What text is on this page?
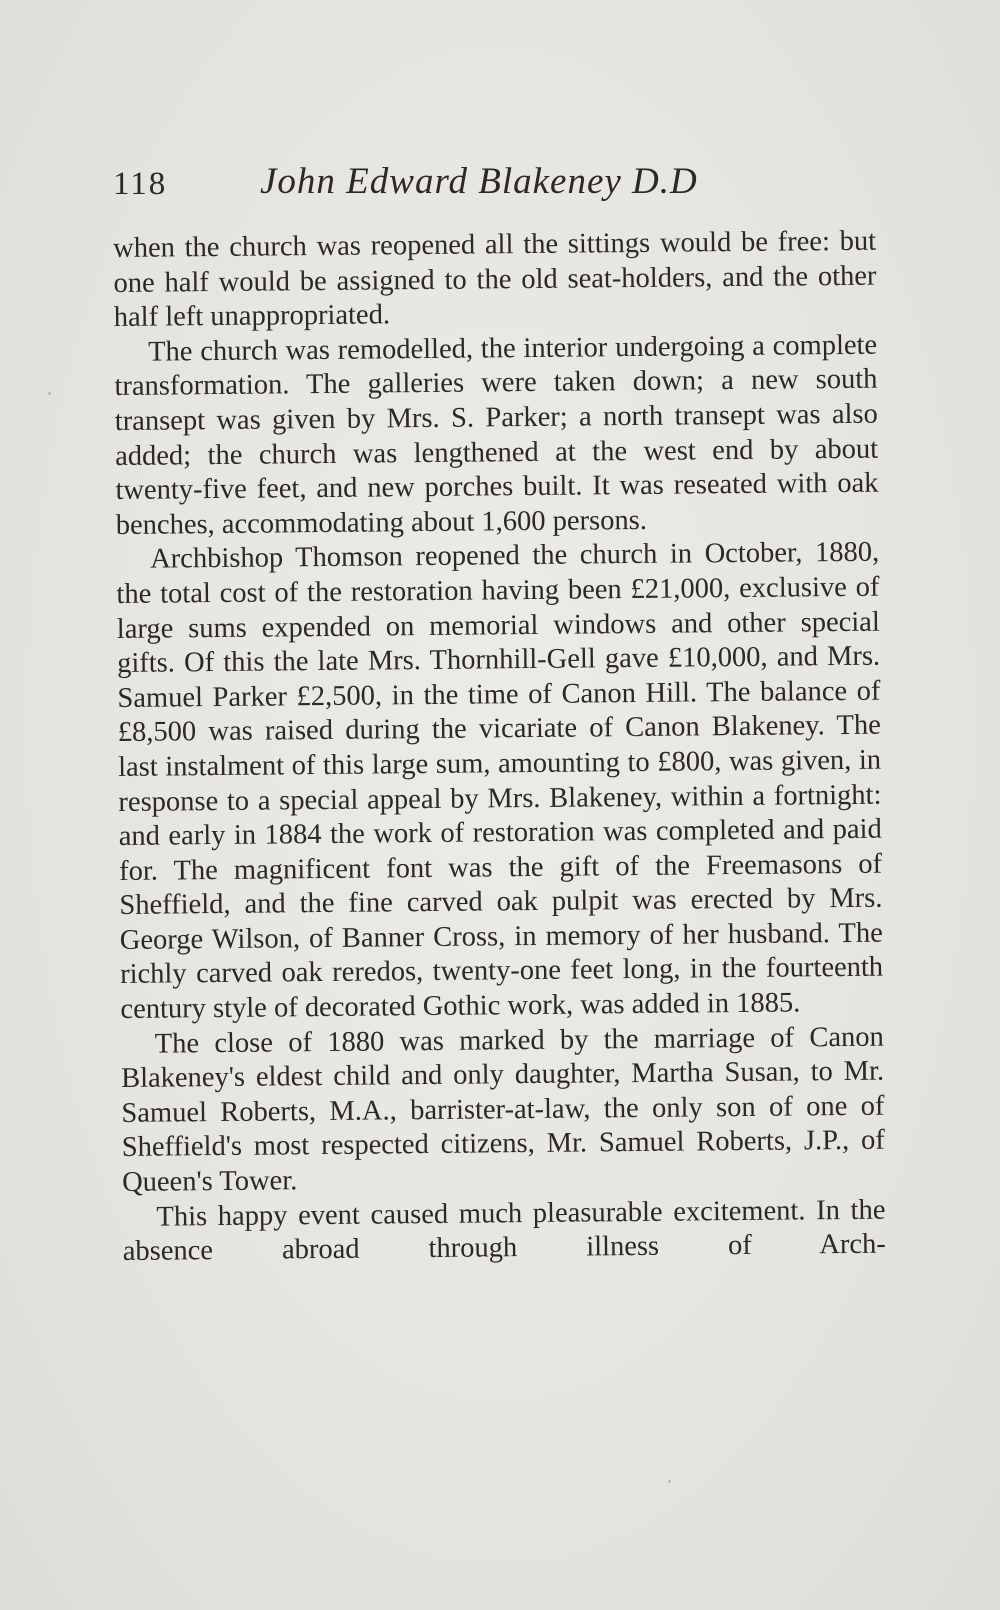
118	John Edward Blakeney D.D

when the church was reopened all the sittings would be free: but one half would be assigned to the old seat-holders, and the other half left unappropriated.

The church was remodelled, the interior undergoing a complete transformation. The galleries were taken down; a new south transept was given by Mrs. S. Parker; a north transept was also added; the church was lengthened at the west end by about twenty-five feet, and new porches built. It was reseated with oak benches, accommodating about 1,600 persons.

Archbishop Thomson reopened the church in October, 1880, the total cost of the restoration having been £21,000, exclusive of large sums expended on memorial windows and other special gifts. Of this the late Mrs. Thornhill-Gell gave £10,000, and Mrs. Samuel Parker £2,500, in the time of Canon Hill. The balance of £8,500 was raised during the vicariate of Canon Blakeney. The last instalment of this large sum, amounting to £800, was given, in response to a special appeal by Mrs. Blakeney, within a fortnight: and early in 1884 the work of restoration was completed and paid for. The magnificent font was the gift of the Freemasons of Sheffield, and the fine carved oak pulpit was erected by Mrs. George Wilson, of Banner Cross, in memory of her husband. The richly carved oak reredos, twenty-one feet long, in the fourteenth century style of decorated Gothic work, was added in 1885.

The close of 1880 was marked by the marriage of Canon Blakeney's eldest child and only daughter, Martha Susan, to Mr. Samuel Roberts, M.A., barrister-at-law, the only son of one of Sheffield's most respected citizens, Mr. Samuel Roberts, J.P., of Queen's Tower.

This happy event caused much pleasurable excitement. In the absence abroad through illness of Arch-
